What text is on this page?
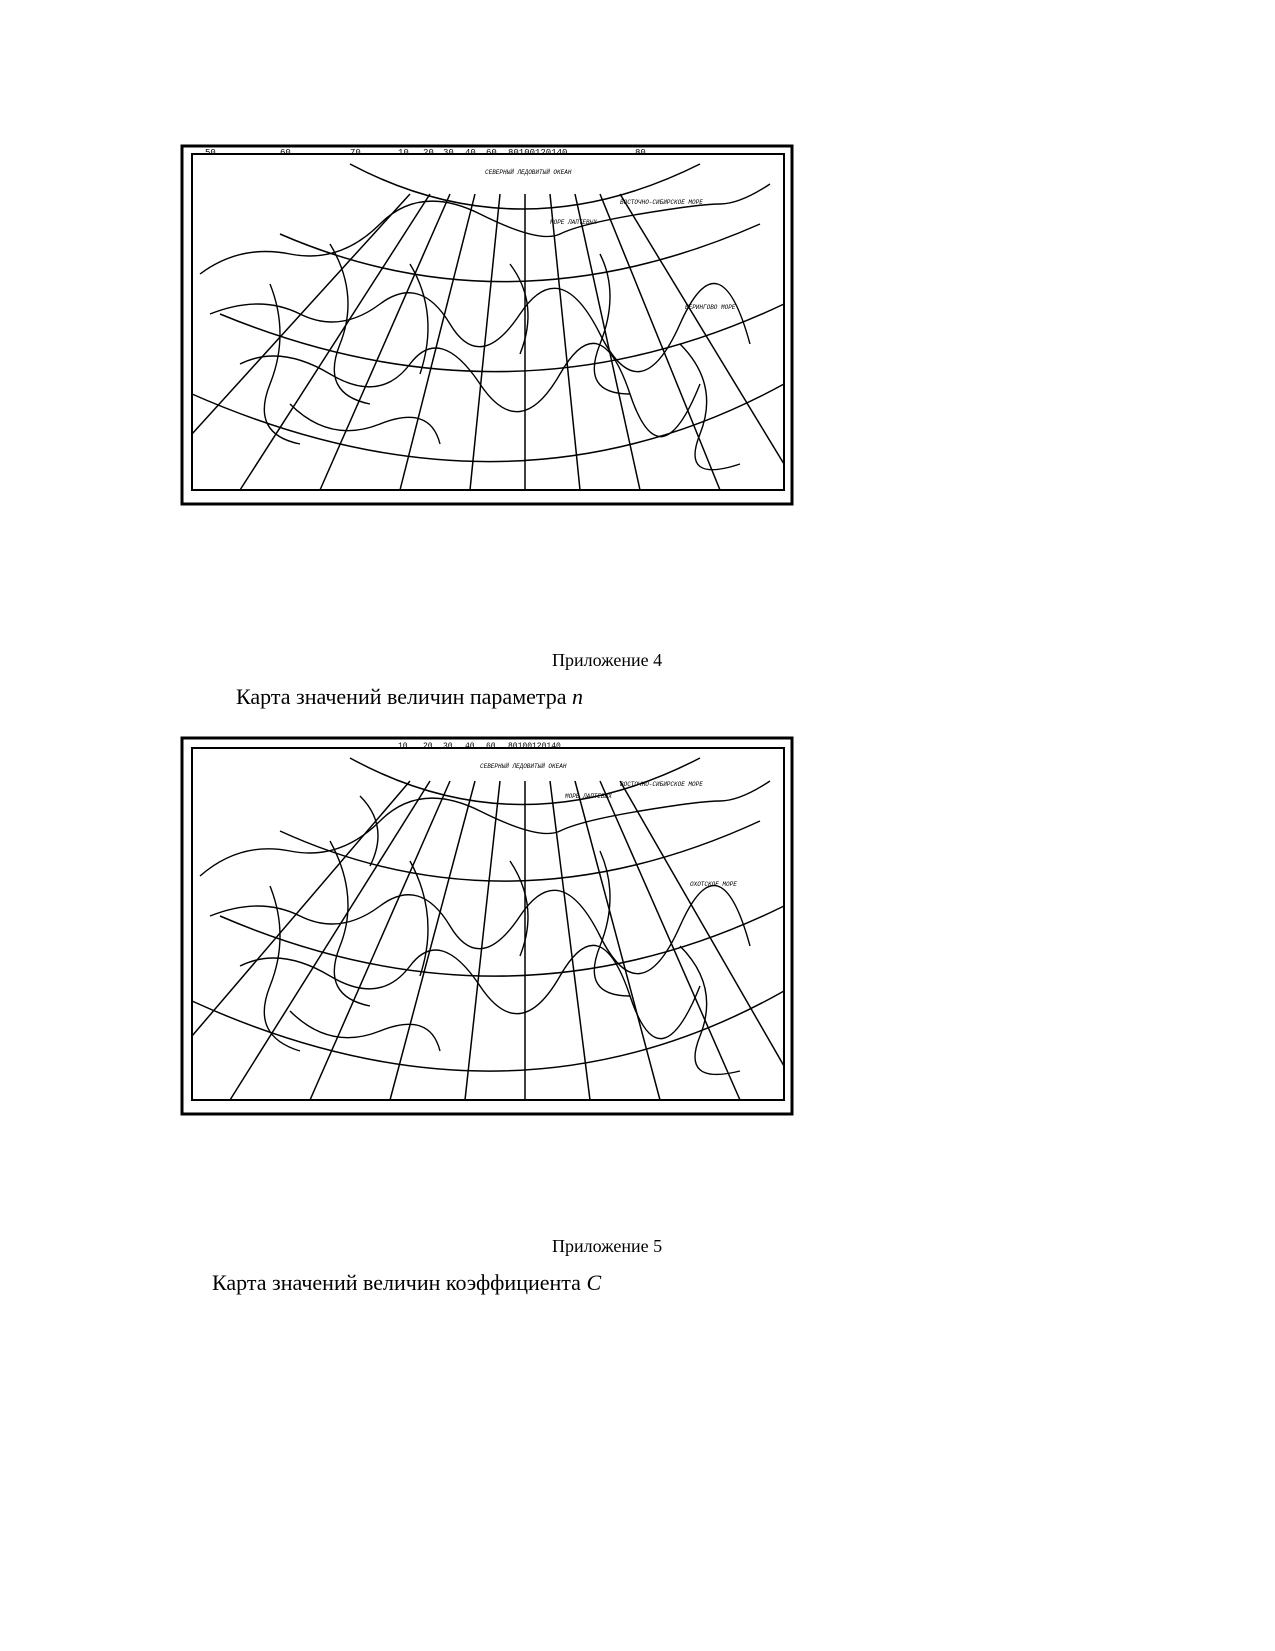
50	60	70	10 20 30 40 60 80100120140	80
СЕВЕРНЫЙ ЛЕДОВИТЫЙ ОКЕАН
МОРЕ ЛАПТЕВЫХ
ВОСТОЧНО-СИБИРСКОЕ МОРЕ
БЕРИНГОВО МОРЕ
Приложение 4
Карта значений величин параметра n
10 20 30 40 60 80100120140
СЕВЕРНЫЙ ЛЕДОВИТЫЙ ОКЕАН
МОРЕ ЛАПТЕВЫХ
ВОСТОЧНО-СИБИРСКОЕ МОРЕ
ОХОТСКОЕ МОРЕ
Приложение 5
Карта значений величин коэффициента C
